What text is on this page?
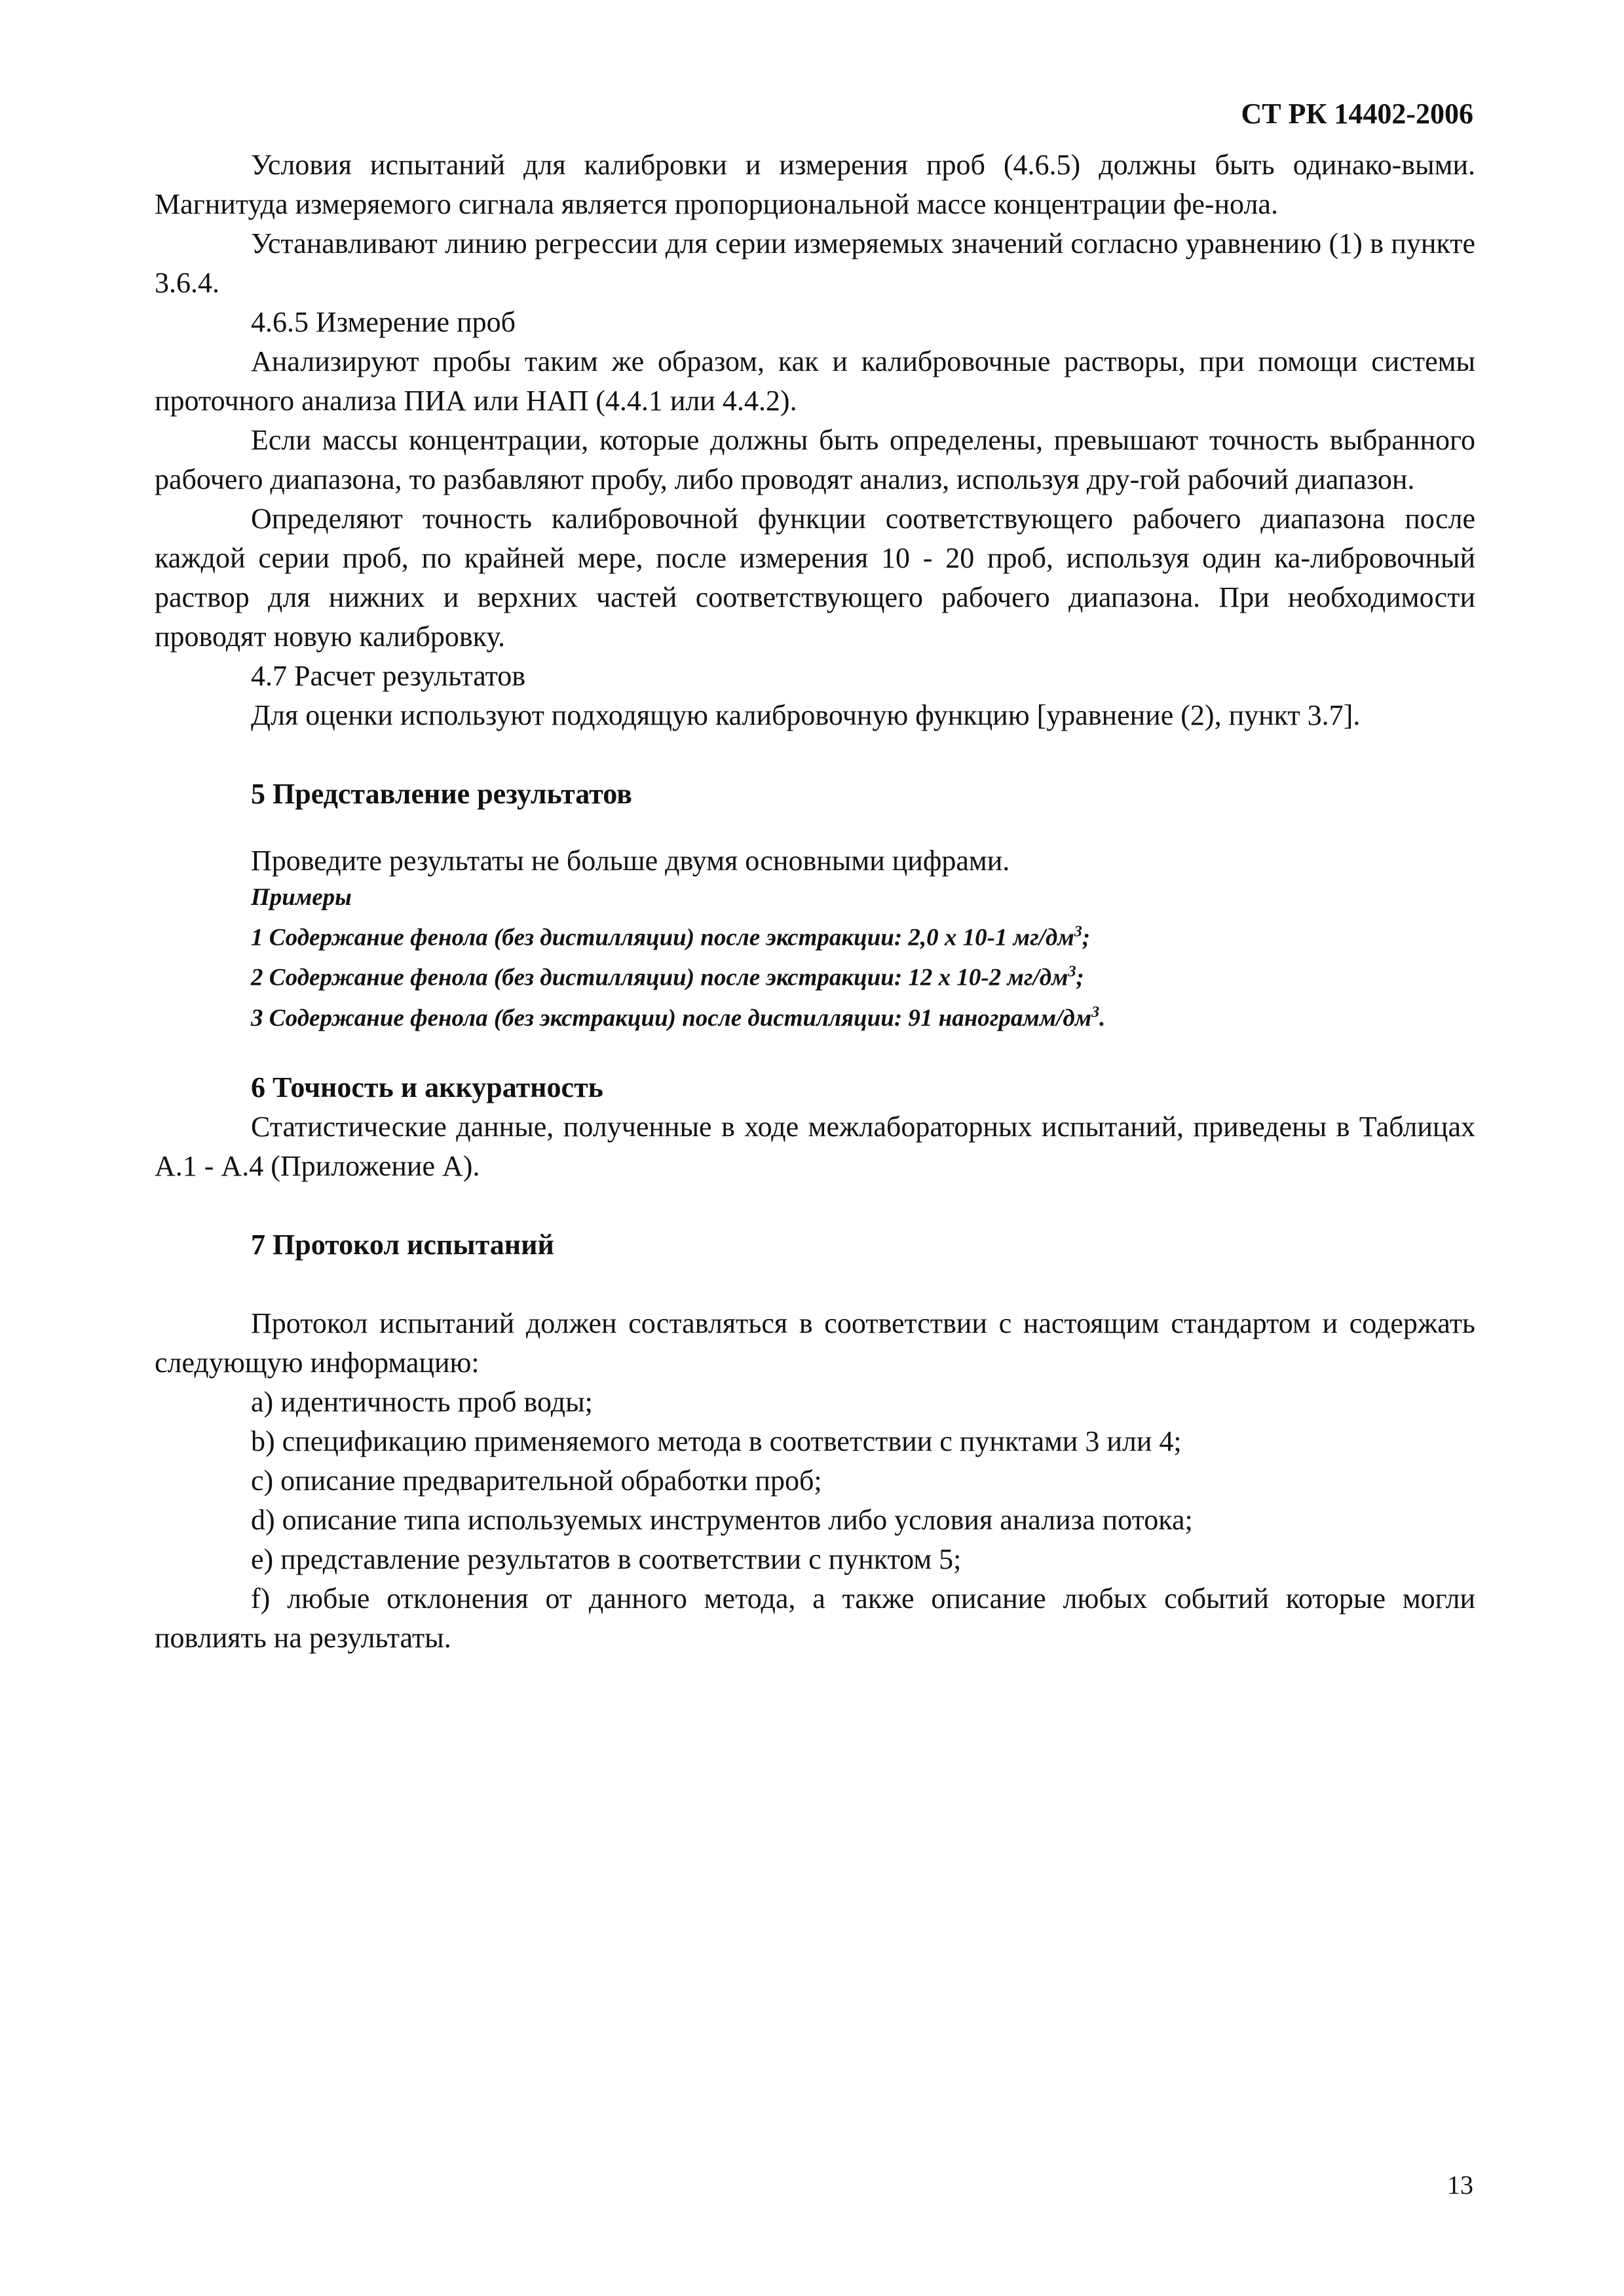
СТ РК 14402-2006

Условия испытаний для калибровки и измерения проб (4.6.5) должны быть одинако-выми. Магнитуда измеряемого сигнала является пропорциональной массе концентрации фе-нола.

Устанавливают линию регрессии для серии измеряемых значений согласно уравнению (1) в пункте 3.6.4.

4.6.5 Измерение проб

Анализируют пробы таким же образом, как и калибровочные растворы, при помощи системы проточного анализа ПИА или НАП (4.4.1 или 4.4.2).

Если массы концентрации, которые должны быть определены, превышают точность выбранного рабочего диапазона, то разбавляют пробу, либо проводят анализ, используя дру-гой рабочий диапазон.

Определяют точность калибровочной функции соответствующего рабочего диапазона после каждой серии проб, по крайней мере, после измерения 10 - 20 проб, используя один ка-либровочный раствор для нижних и верхних частей соответствующего рабочего диапазона. При необходимости проводят новую калибровку.

4.7 Расчет результатов

Для оценки используют подходящую калибровочную функцию [уравнение (2), пункт 3.7].

5 Представление результатов

Проведите результаты не больше двумя основными цифрами.

Примеры
1 Содержание фенола (без дистилляции) после экстракции: 2,0 x 10-1 $мг/дм^3$;
2 Содержание фенола (без дистилляции) после экстракции: 12 x 10-2 $мг/дм^3$;
3 Содержание фенола (без экстракции) после дистилляции: 91 нанограмм/$дм^3$.
6 Точность и аккуратность

Статистические данные, полученные в ходе межлабораторных испытаний, приведены в Таблицах А.1 - А.4 (Приложение А).

7 Протокол испытаний

Протокол испытаний должен составляться в соответствии с настоящим стандартом и содержать следующую информацию:

a) идентичность проб воды;
b) спецификацию применяемого метода в соответствии с пунктами 3 или 4;
c) описание предварительной обработки проб;
d) описание типа используемых инструментов либо условия анализа потока;
e) представление результатов в соответствии с пунктом 5;
f) любые отклонения от данного метода, а также описание любых событий которые могли повлиять на результаты.

13
